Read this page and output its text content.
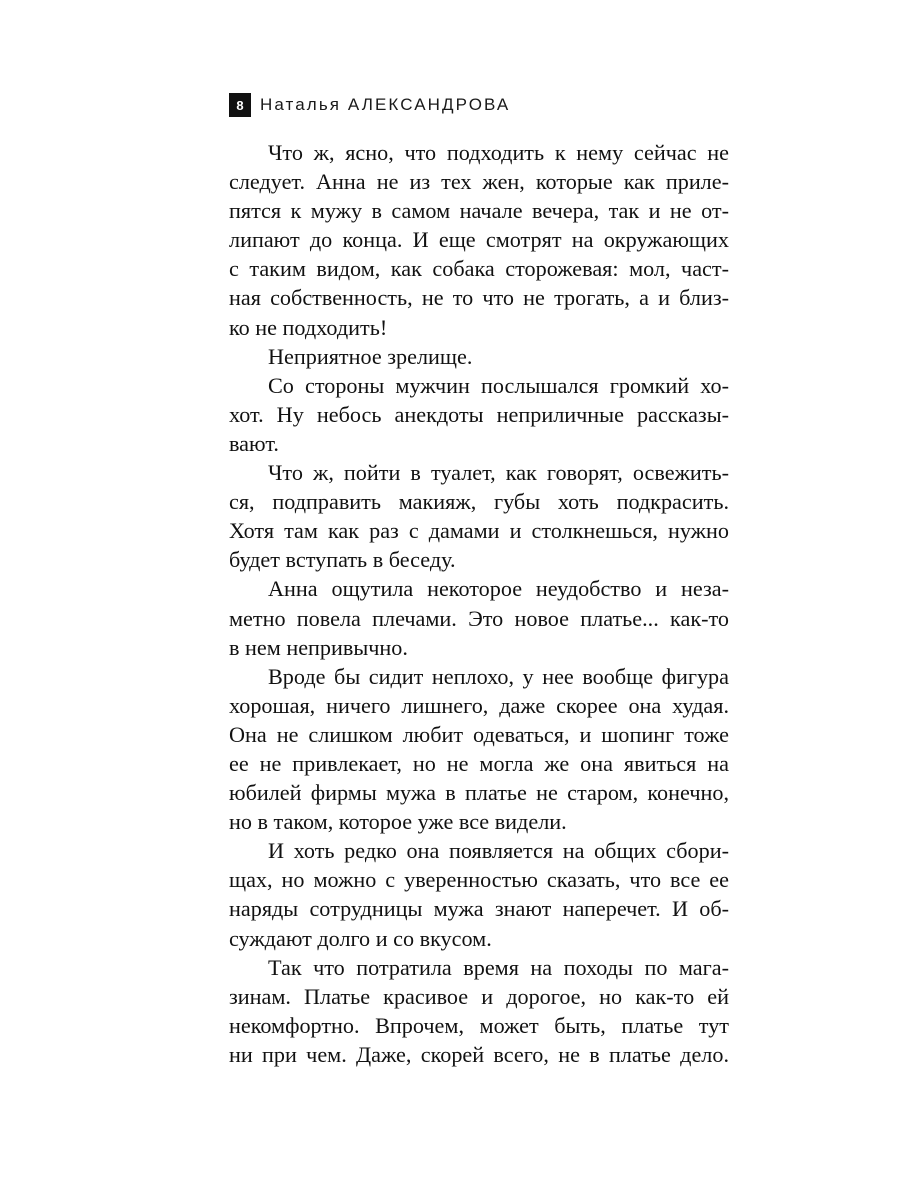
8 Наталья АЛЕКСАНДРОВА
Что ж, ясно, что подходить к нему сейчас не
следует. Анна не из тех жен, которые как приле-
пятся к мужу в самом начале вечера, так и не от-
липают до конца. И еще смотрят на окружающих
с таким видом, как собака сторожевая: мол, част-
ная собственность, не то что не трогать, а и близ-
ко не подходить!
Неприятное зрелище.
Со стороны мужчин послышался громкий хо-
хот. Ну небось анекдоты неприличные рассказы-
вают.
Что ж, пойти в туалет, как говорят, освежить-
ся, подправить макияж, губы хоть подкрасить.
Хотя там как раз с дамами и столкнешься, нужно
будет вступать в беседу.
Анна ощутила некоторое неудобство и неза-
метно повела плечами. Это новое платье... как-то
в нем непривычно.
Вроде бы сидит неплохо, у нее вообще фигура
хорошая, ничего лишнего, даже скорее она худая.
Она не слишком любит одеваться, и шопинг тоже
ее не привлекает, но не могла же она явиться на
юбилей фирмы мужа в платье не старом, конечно,
но в таком, которое уже все видели.
И хоть редко она появляется на общих сбори-
щах, но можно с уверенностью сказать, что все ее
наряды сотрудницы мужа знают наперечет. И об-
суждают долго и со вкусом.
Так что потратила время на походы по мага-
зинам. Платье красивое и дорогое, но как-то ей
некомфортно. Впрочем, может быть, платье тут
ни при чем. Даже, скорей всего, не в платье дело.
